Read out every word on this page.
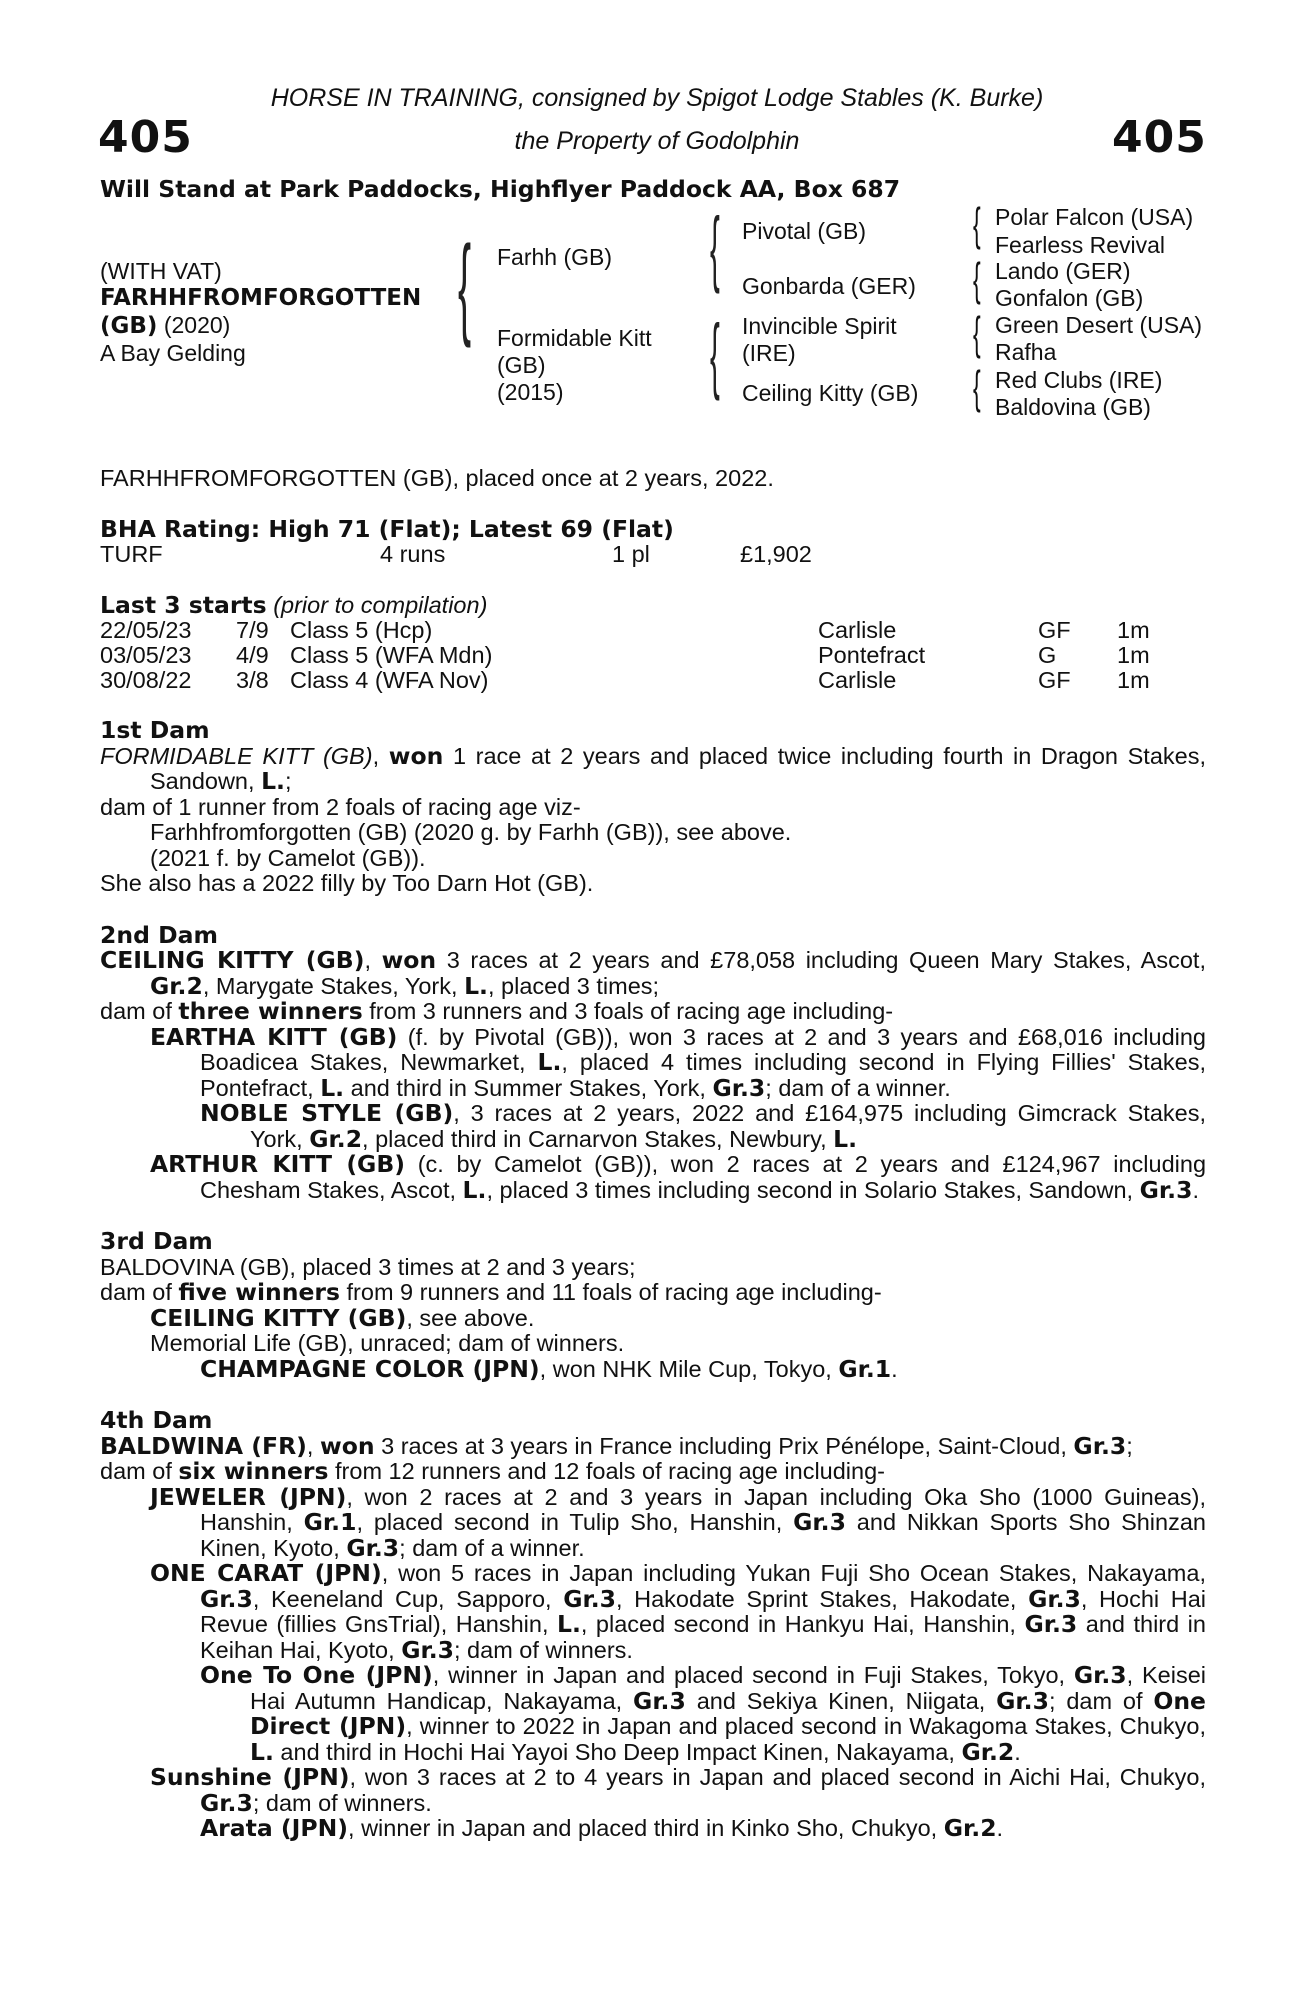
HORSE IN TRAINING, consigned by Spigot Lodge Stables (K. Burke)
the Property of Godolphin
405	405
Will Stand at Park Paddocks, Highflyer Paddock AA, Box 687
(WITH VAT)
FARHHFROMFORGOTTEN
(GB) (2020)
A Bay Gelding
{ Farhh (GB)
Formidable Kitt
(GB)
(2015)
{ Pivotal (GB)
Gonbarda (GER)
{ Invincible Spirit
(IRE)
Ceiling Kitty (GB)
{ Polar Falcon (USA)
Fearless Revival
{ Lando (GER)
Gonfalon (GB)
{ Green Desert (USA)
Rafha
{ Red Clubs (IRE)
Baldovina (GB)
FARHHFROMFORGOTTEN (GB), placed once at 2 years, 2022.
BHA Rating: High 71 (Flat); Latest 69 (Flat)
TURF	4 runs	1 pl	£1,902
Last 3 starts (prior to compilation)
22/05/23 7/9 Class 5 (Hcp)	Carlisle	GF 1m
03/05/23 4/9 Class 5 (WFA Mdn)	Pontefract	G	1m
30/08/22 3/8 Class 4 (WFA Nov)	Carlisle	GF 1m

1st Dam

FORMIDABLE KITT (GB), won 1 race at 2 years and placed twice including fourth in Dragon Stakes, Sandown, L.;

dam of 1 runner from 2 foals of racing age viz-

Farhhfromforgotten (GB) (2020 g. by Farhh (GB)), see above.

(2021 f. by Camelot (GB)).

She also has a 2022 filly by Too Darn Hot (GB).

2nd Dam

CEILING KITTY (GB), won 3 races at 2 years and £78,058 including Queen Mary Stakes, Ascot, Gr.2, Marygate Stakes, York, L., placed 3 times;

dam of three winners from 3 runners and 3 foals of racing age including-

EARTHA KITT (GB) (f. by Pivotal (GB)), won 3 races at 2 and 3 years and £68,016 including Boadicea Stakes, Newmarket, L., placed 4 times including second in Flying Fillies' Stakes, Pontefract, L. and third in Summer Stakes, York, Gr.3; dam of a winner.

NOBLE STYLE (GB), 3 races at 2 years, 2022 and £164,975 including Gimcrack Stakes, York, Gr.2, placed third in Carnarvon Stakes, Newbury, L.

ARTHUR KITT (GB) (c. by Camelot (GB)), won 2 races at 2 years and £124,967 including Chesham Stakes, Ascot, L., placed 3 times including second in Solario Stakes, Sandown, Gr.3.

3rd Dam

BALDOVINA (GB), placed 3 times at 2 and 3 years;

dam of five winners from 9 runners and 11 foals of racing age including-

CEILING KITTY (GB), see above.

Memorial Life (GB), unraced; dam of winners.

CHAMPAGNE COLOR (JPN), won NHK Mile Cup, Tokyo, Gr.1.

4th Dam

BALDWINA (FR), won 3 races at 3 years in France including Prix Pénélope, Saint-Cloud, Gr.3;

dam of six winners from 12 runners and 12 foals of racing age including-

JEWELER (JPN), won 2 races at 2 and 3 years in Japan including Oka Sho (1000 Guineas), Hanshin, Gr.1, placed second in Tulip Sho, Hanshin, Gr.3 and Nikkan Sports Sho Shinzan Kinen, Kyoto, Gr.3; dam of a winner.

ONE CARAT (JPN), won 5 races in Japan including Yukan Fuji Sho Ocean Stakes, Nakayama, Gr.3, Keeneland Cup, Sapporo, Gr.3, Hakodate Sprint Stakes, Hakodate, Gr.3, Hochi Hai Revue (fillies GnsTrial), Hanshin, L., placed second in Hankyu Hai, Hanshin, Gr.3 and third in Keihan Hai, Kyoto, Gr.3; dam of winners.

One To One (JPN), winner in Japan and placed second in Fuji Stakes, Tokyo, Gr.3, Keisei Hai Autumn Handicap, Nakayama, Gr.3 and Sekiya Kinen, Niigata, Gr.3; dam of One Direct (JPN), winner to 2022 in Japan and placed second in Wakagoma Stakes, Chukyo, L. and third in Hochi Hai Yayoi Sho Deep Impact Kinen, Nakayama, Gr.2.

Sunshine (JPN), won 3 races at 2 to 4 years in Japan and placed second in Aichi Hai, Chukyo, Gr.3; dam of winners.

Arata (JPN), winner in Japan and placed third in Kinko Sho, Chukyo, Gr.2.
